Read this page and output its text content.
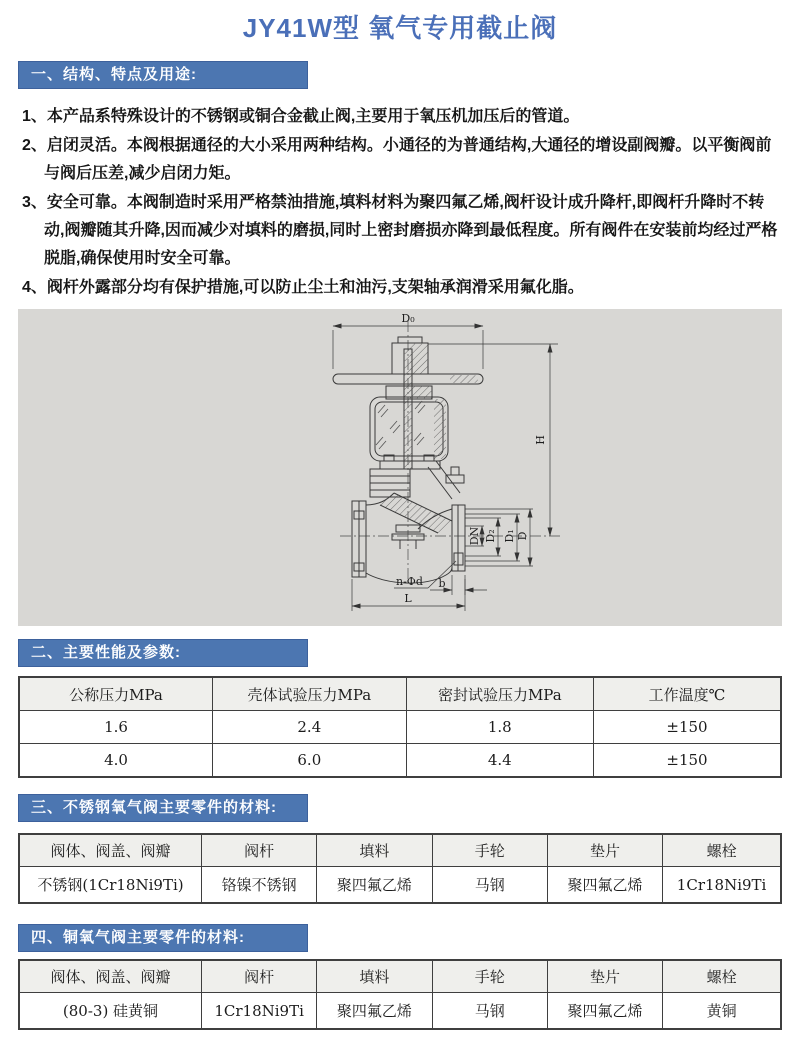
JY41W型 氧气专用截止阀
一、结构、特点及用途:
1、本产品系特殊设计的不锈钢或铜合金截止阀,主要用于氧压机加压后的管道。
2、启闭灵活。本阀根据通径的大小采用两种结构。小通径的为普通结构,大通径的增设副阀瓣。以平衡阀前与阀后压差,减少启闭力矩。
3、安全可靠。本阀制造时采用严格禁油措施,填料材料为聚四氟乙烯,阀杆设计成升降杆,即阀杆升降时不转动,阀瓣随其升降,因而减少对填料的磨损,同时上密封磨损亦降到最低程度。所有阀件在安装前均经过严格脱脂,确保使用时安全可靠。
4、阀杆外露部分均有保护措施,可以防止尘土和油污,支架轴承润滑采用氟化脂。
D₀
DN D₂ D₁ D
H
n-Φd b
L
二、主要性能及参数:
公称压力MPa	壳体试验压力MPa	密封试验压力MPa	工作温度℃
1.6	2.4	1.8	±150
4.0	6.0	4.4	±150
三、不锈钢氧气阀主要零件的材料:
阀体、阀盖、阀瓣	阀杆	填料	手轮	垫片	螺栓
不锈钢(1Cr18Ni9Ti)	铬镍不锈钢	聚四氟乙烯	马钢	聚四氟乙烯	1Cr18Ni9Ti
四、铜氧气阀主要零件的材料:
阀体、阀盖、阀瓣	阀杆	填料	手轮	垫片	螺栓
(80-3) 硅黄铜	1Cr18Ni9Ti	聚四氟乙烯	马钢	聚四氟乙烯	黄铜
